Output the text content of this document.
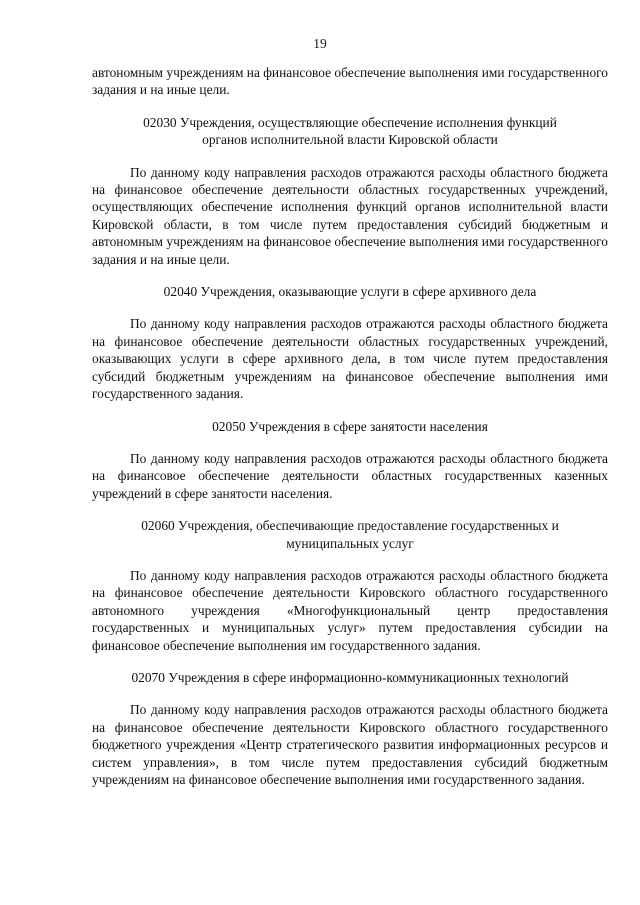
19

автономным учреждениям на финансовое обеспечение выполнения ими государственного задания и на иные цели.

02030 Учреждения, осуществляющие обеспечение исполнения функций органов исполнительной власти Кировской области

По данному коду направления расходов отражаются расходы областного бюджета на финансовое обеспечение деятельности областных государственных учреждений, осуществляющих обеспечение исполнения функций органов исполнительной власти Кировской области, в том числе путем предоставления субсидий бюджетным и автономным учреждениям на финансовое обеспечение выполнения ими государственного задания и на иные цели.

02040 Учреждения, оказывающие услуги в сфере архивного дела

По данному коду направления расходов отражаются расходы областного бюджета на финансовое обеспечение деятельности областных государственных учреждений, оказывающих услуги в сфере архивного дела, в том числе путем предоставления субсидий бюджетным учреждениям на финансовое обеспечение выполнения ими государственного задания.

02050 Учреждения в сфере занятости населения

По данному коду направления расходов отражаются расходы областного бюджета на финансовое обеспечение деятельности областных государственных казенных учреждений в сфере занятости населения.

02060 Учреждения, обеспечивающие предоставление государственных и муниципальных услуг

По данному коду направления расходов отражаются расходы областного бюджета на финансовое обеспечение деятельности Кировского областного государственного автономного учреждения «Многофункциональный центр предоставления государственных и муниципальных услуг» путем предоставления субсидии на финансовое обеспечение выполнения им государственного задания.

02070 Учреждения в сфере информационно-коммуникационных технологий

По данному коду направления расходов отражаются расходы областного бюджета на финансовое обеспечение деятельности Кировского областного государственного бюджетного учреждения «Центр стратегического развития информационных ресурсов и систем управления», в том числе путем предоставления субсидий бюджетным учреждениям на финансовое обеспечение выполнения ими государственного задания.
